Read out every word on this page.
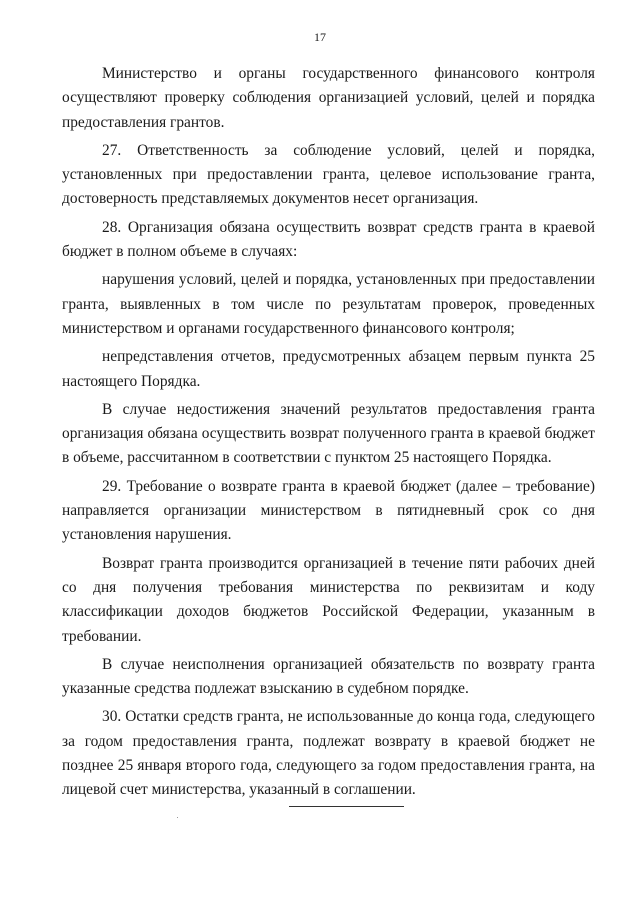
17

Министерство и органы государственного финансового контроля осуществляют проверку соблюдения организацией условий, целей и порядка предоставления грантов.

27. Ответственность за соблюдение условий, целей и порядка, установленных при предоставлении гранта, целевое использование гранта, достоверность представляемых документов несет организация.

28. Организация обязана осуществить возврат средств гранта в краевой бюджет в полном объеме в случаях:

нарушения условий, целей и порядка, установленных при предоставлении гранта, выявленных в том числе по результатам проверок, проведенных министерством и органами государственного финансового контроля;

непредставления отчетов, предусмотренных абзацем первым пункта 25 настоящего Порядка.

В случае недостижения значений результатов предоставления гранта организация обязана осуществить возврат полученного гранта в краевой бюджет в объеме, рассчитанном в соответствии с пунктом 25 настоящего Порядка.

29. Требование о возврате гранта в краевой бюджет (далее – требование) направляется организации министерством в пятидневный срок со дня установления нарушения.

Возврат гранта производится организацией в течение пяти рабочих дней со дня получения требования министерства по реквизитам и коду классификации доходов бюджетов Российской Федерации, указанным в требовании.

В случае неисполнения организацией обязательств по возврату гранта указанные средства подлежат взысканию в судебном порядке.

30. Остатки средств гранта, не использованные до конца года, следующего за годом предоставления гранта, подлежат возврату в краевой бюджет не позднее 25 января второго года, следующего за годом предоставления гранта, на лицевой счет министерства, указанный в соглашении.
